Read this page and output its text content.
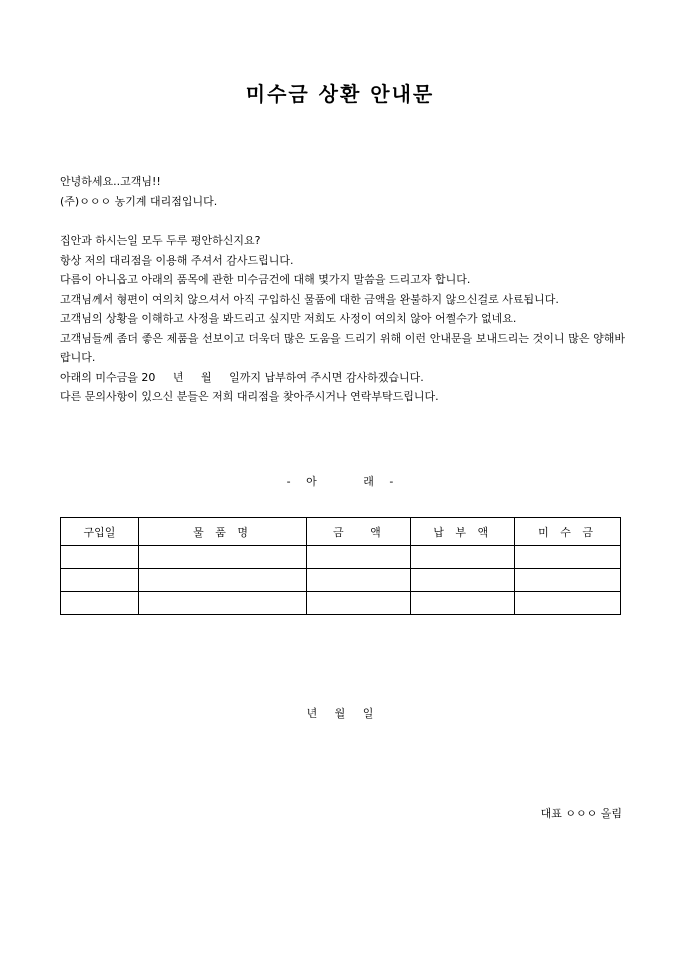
미수금 상환 안내문
안녕하세요..고객님!!
(주)ㅇㅇㅇ 농기계 대리점입니다.
집안과 하시는일 모두 두루 평안하신지요?
항상 저의 대리점을 이용해 주셔서 감사드립니다.
다름이 아니옵고 아래의 품목에 관한 미수금건에 대해 몇가지 말씀을 드리고자 합니다.
고객님께서 형편이 여의치 않으셔서 아직 구입하신 물품에 대한 금액을 완불하지 않으신걸로 사료됩니다.
고객님의 상황을 이해하고 사정을 봐드리고 싶지만 저희도 사정이 여의치 않아 어쩔수가 없네요.
고객님들께 좀더 좋은 제품을 선보이고 더욱더 많은 도움을 드리기 위해 이런 안내문을 보내드리는 것이니 많은 양해바랍니다.
아래의 미수금을 20     년     월     일까지 납부하여 주시면 감사하겠습니다.
다른 문의사항이 있으신 분들은 저희 대리점을 찾아주시거나 연락부탁드립니다.
- 아   래 -
구입일	물 품 명	금   액	납 부 액	미 수 금

년 월 일
대표 ㅇㅇㅇ 올림
